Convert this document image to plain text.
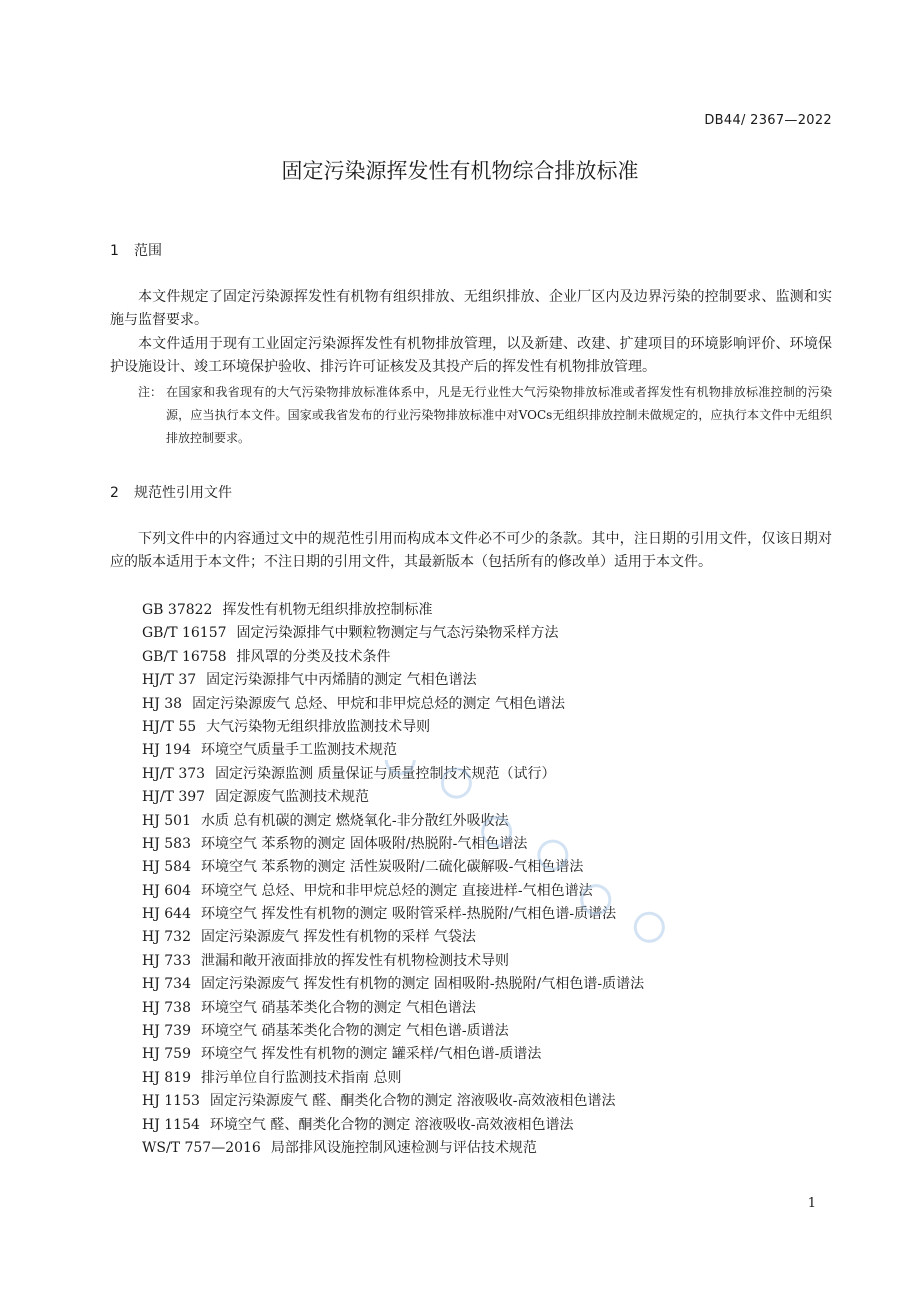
DB44/ 2367—2022
固定污染源挥发性有机物综合排放标准
1 范围

本文件规定了固定污染源挥发性有机物有组织排放、无组织排放、企业厂区内及边界污染的控制要求、监测和实施与监督要求。

本文件适用于现有工业固定污染源挥发性有机物排放管理，以及新建、改建、扩建项目的环境影响评价、环境保护设施设计、竣工环境保护验收、排污许可证核发及其投产后的挥发性有机物排放管理。

注： 在国家和我省现有的大气污染物排放标准体系中，凡是无行业性大气污染物排放标准或者挥发性有机物排放标准控制的污染源，应当执行本文件。国家或我省发布的行业污染物排放标准中对VOCs无组织排放控制未做规定的，应执行本文件中无组织排放控制要求。
2 规范性引用文件

下列文件中的内容通过文中的规范性引用而构成本文件必不可少的条款。其中，注日期的引用文件，仅该日期对应的版本适用于本文件；不注日期的引用文件，其最新版本（包括所有的修改单）适用于本文件。

GB 37822 挥发性有机物无组织排放控制标准
GB/T 16157 固定污染源排气中颗粒物测定与气态污染物采样方法
GB/T 16758 排风罩的分类及技术条件
HJ/T 37 固定污染源排气中丙烯腈的测定 气相色谱法
HJ 38 固定污染源废气 总烃、甲烷和非甲烷总烃的测定 气相色谱法
HJ/T 55 大气污染物无组织排放监测技术导则
HJ 194 环境空气质量手工监测技术规范
HJ/T 373 固定污染源监测 质量保证与质量控制技术规范（试行）
HJ/T 397 固定源废气监测技术规范
HJ 501 水质 总有机碳的测定 燃烧氧化-非分散红外吸收法
HJ 583 环境空气 苯系物的测定 固体吸附/热脱附-气相色谱法
HJ 584 环境空气 苯系物的测定 活性炭吸附/二硫化碳解吸-气相色谱法
HJ 604 环境空气 总烃、甲烷和非甲烷总烃的测定 直接进样-气相色谱法
HJ 644 环境空气 挥发性有机物的测定 吸附管采样-热脱附/气相色谱-质谱法
HJ 732 固定污染源废气 挥发性有机物的采样 气袋法
HJ 733 泄漏和敞开液面排放的挥发性有机物检测技术导则
HJ 734 固定污染源废气 挥发性有机物的测定 固相吸附-热脱附/气相色谱-质谱法
HJ 738 环境空气 硝基苯类化合物的测定 气相色谱法
HJ 739 环境空气 硝基苯类化合物的测定 气相色谱-质谱法
HJ 759 环境空气 挥发性有机物的测定 罐采样/气相色谱-质谱法
HJ 819 排污单位自行监测技术指南 总则
HJ 1153 固定污染源废气 醛、酮类化合物的测定 溶液吸收-高效液相色谱法
HJ 1154 环境空气 醛、酮类化合物的测定 溶液吸收-高效液相色谱法
WS/T 757—2016 局部排风设施控制风速检测与评估技术规范
1
